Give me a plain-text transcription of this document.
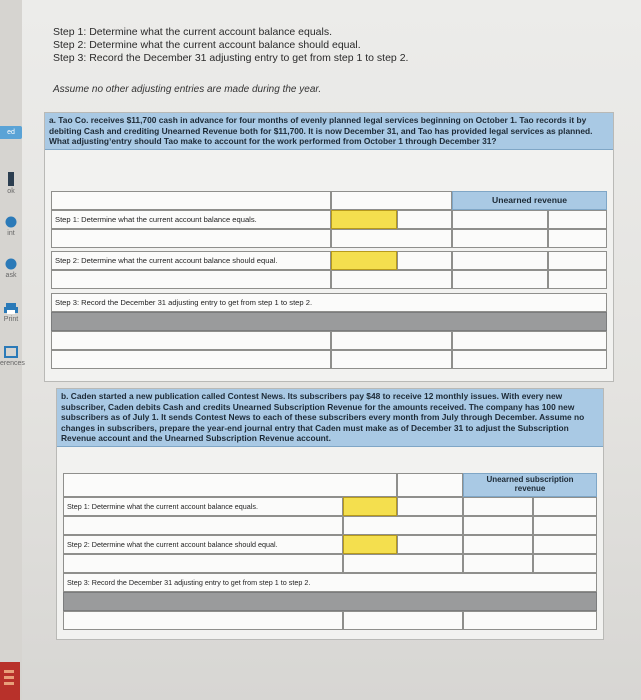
ed
ok
int
ask
Print
erences
Step 1: Determine what the current account balance equals.
Step 2: Determine what the current account balance should equal.
Step 3: Record the December 31 adjusting entry to get from step 1 to step 2.
Assume no other adjusting entries are made during the year.
a. Tao Co. receives $11,700 cash in advance for four months of evenly planned legal services beginning on October 1. Tao records it by debiting Cash and crediting Unearned Revenue both for $11,700. It is now December 31, and Tao has provided legal services as planned. What adjustingʼentry should Tao make to account for the work performed from October 1 through December 31?
Unearned revenue
Step 1: Determine what the current account balance equals.
Step 2: Determine what the current account balance should equal.
Step 3: Record the December 31 adjusting entry to get from step 1 to step 2.
b. Caden started a new publication called Contest News. Its subscribers pay $48 to receive 12 monthly issues. With every new subscriber, Caden debits Cash and credits Unearned Subscription Revenue for the amounts received. The company has 100 new subscribers as of July 1. It sends Contest News to each of these subscribers every month from July through December. Assume no changes in subscribers, prepare the year-end journal entry that Caden must make as of December 31 to adjust the Subscription Revenue account and the Unearned Subscription Revenue account.
Unearned subscription
revenue
Step 1: Determine what the current account balance equals.
Step 2: Determine what the current account balance should equal.
Step 3: Record the December 31 adjusting entry to get from step 1 to step 2.
